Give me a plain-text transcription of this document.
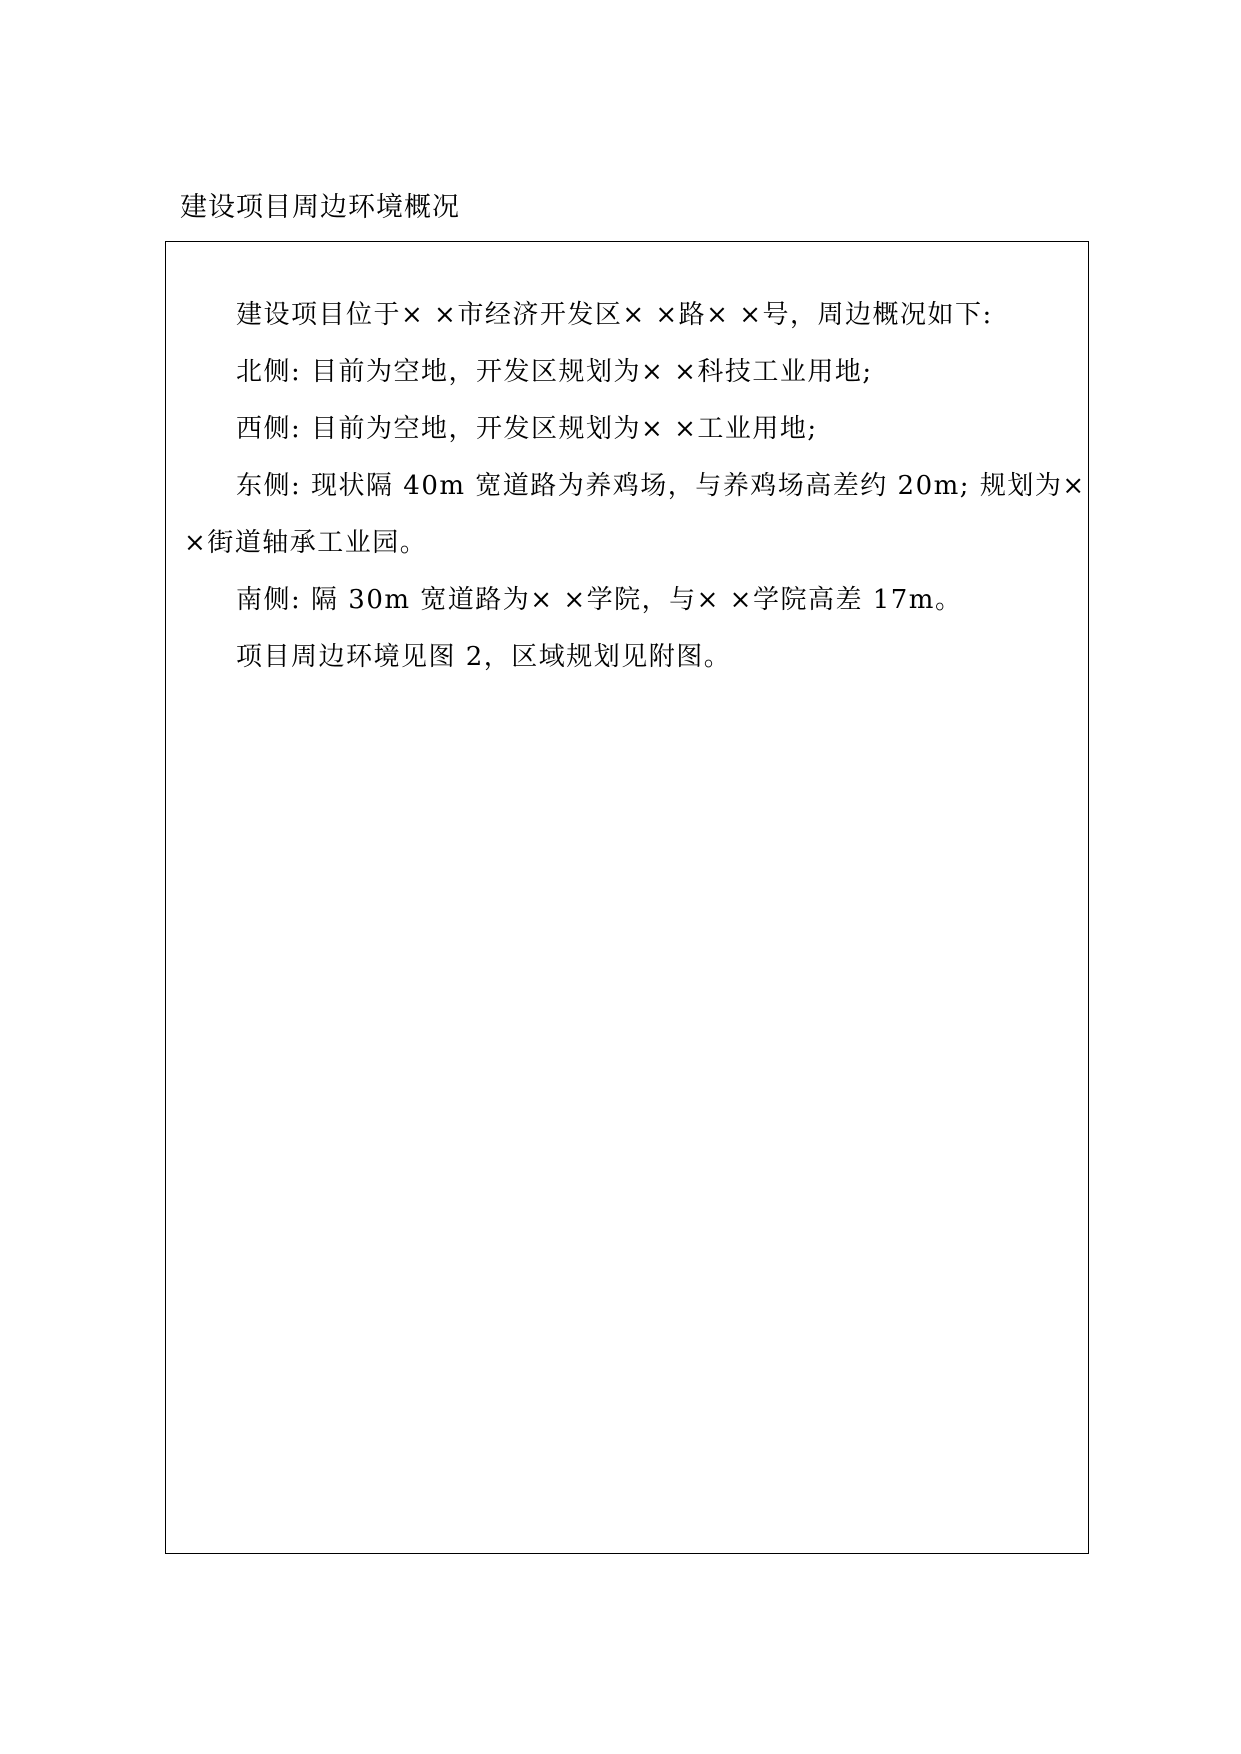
建设项目周边环境概况

建设项目位于× ×市经济开发区× ×路× ×号，周边概况如下:

北侧: 目前为空地，开发区规划为× ×科技工业用地;

西侧: 目前为空地，开发区规划为× ×工业用地;

东侧: 现状隔 40m 宽道路为养鸡场，与养鸡场高差约 20m; 规划为×

×街道轴承工业园。

南侧: 隔 30m 宽道路为× ×学院，与× ×学院高差 17m。

项目周边环境见图 2，区域规划见附图。
